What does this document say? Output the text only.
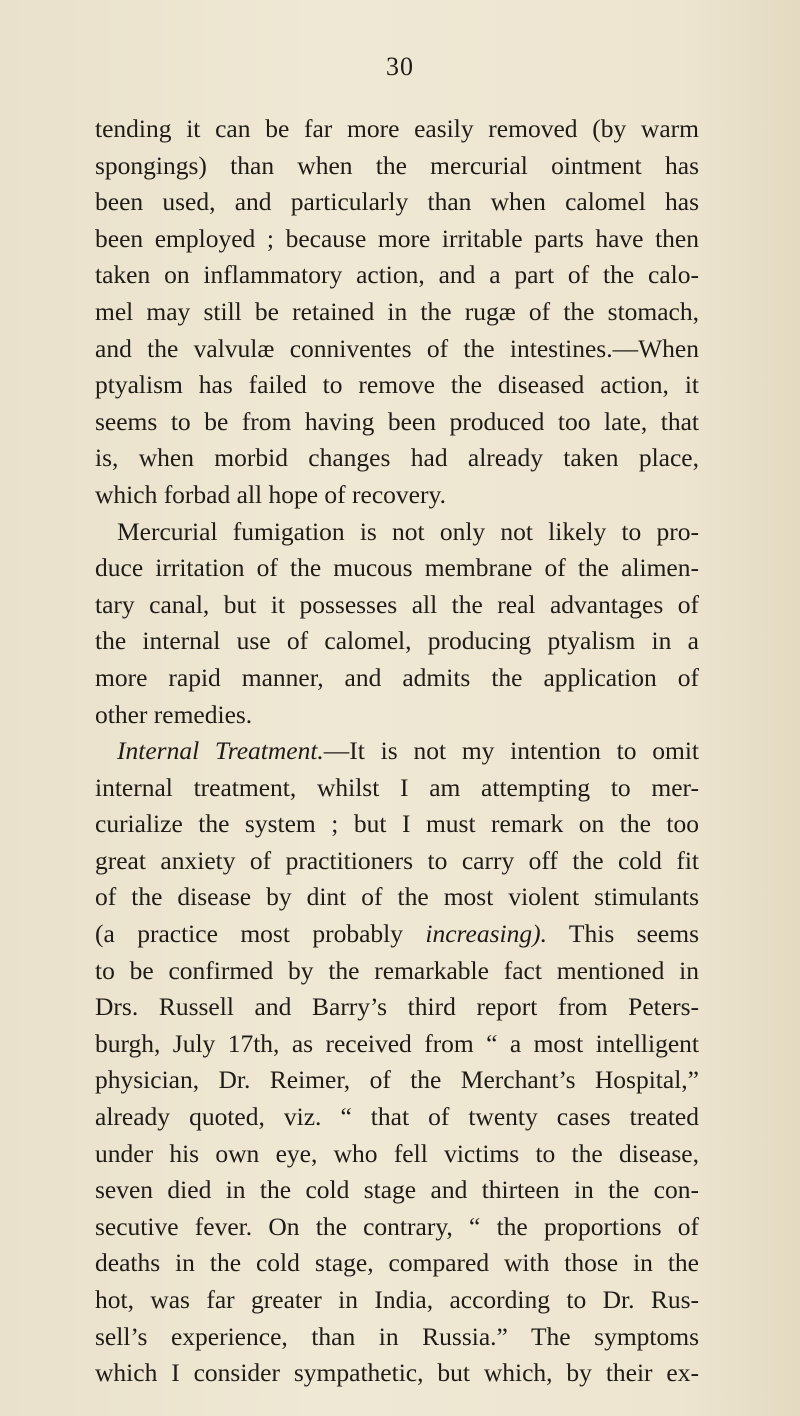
30
tending it can be far more easily removed (by warm
spongings) than when the mercurial ointment has
been used, and particularly than when calomel has
been employed ; because more irritable parts have then
taken on inflammatory action, and a part of the calo-
mel may still be retained in the rugæ of the stomach,
and the valvulæ conniventes of the intestines.—When
ptyalism has failed to remove the diseased action, it
seems to be from having been produced too late, that
is, when morbid changes had already taken place,
which forbad all hope of recovery.
Mercurial fumigation is not only not likely to pro-
duce irritation of the mucous membrane of the alimen-
tary canal, but it possesses all the real advantages of
the internal use of calomel, producing ptyalism in a
more rapid manner, and admits the application of
other remedies.
Internal Treatment.—It is not my intention to omit
internal treatment, whilst I am attempting to mer-
curialize the system ; but I must remark on the too
great anxiety of practitioners to carry off the cold fit
of the disease by dint of the most violent stimulants
(a practice most probably increasing). This seems
to be confirmed by the remarkable fact mentioned in
Drs. Russell and Barry’s third report from Peters-
burgh, July 17th, as received from “ a most intelligent
physician, Dr. Reimer, of the Merchant’s Hospital,”
already quoted, viz. “ that of twenty cases treated
under his own eye, who fell victims to the disease,
seven died in the cold stage and thirteen in the con-
secutive fever. On the contrary, “ the proportions of
deaths in the cold stage, compared with those in the
hot, was far greater in India, according to Dr. Rus-
sell’s experience, than in Russia.” The symptoms
which I consider sympathetic, but which, by their ex-
